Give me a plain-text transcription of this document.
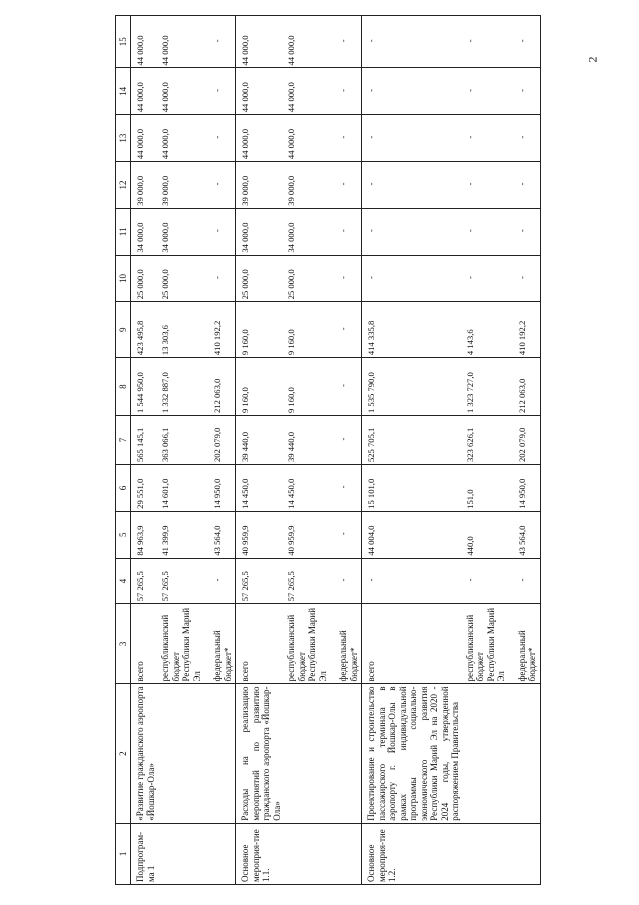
2
1	2	3	4	5	6	7	8	9	10	11	12	13	14	15
Подпрограм-ма 1	«Развитие гражданского аэропорта «Йошкар-Ола»	всего	57 265,5	84 963,9	29 551,0	565 145,1	1 544 950,0	423 495,8	25 000,0	34 000,0	39 000,0	44 000,0	44 000,0	44 000,0
		республиканский бюджет Республики Марий Эл	57 265,5	41 399,9	14 601,0	363 066,1	1 332 887,0	13 303,6	25 000,0	34 000,0	39 000,0	44 000,0	44 000,0	44 000,0
		федеральный бюджет*	-	43 564,0	14 950,0	202 079,0	212 063,0	410 192,2	-	-	-	-	-	-
Основное мероприя-тие 1.1.	Расходы на реализацию мероприятий по развитию гражданского аэропорта «Йошкар-Ола»	всего	57 265,5	40 959,9	14 450,0	39 440,0	9 160,0	9 160,0	25 000,0	34 000,0	39 000,0	44 000,0	44 000,0	44 000,0
		республиканский бюджет Республики Марий Эл	57 265,5	40 959,9	14 450,0	39 440,0	9 160,0	9 160,0	25 000,0	34 000,0	39 000,0	44 000,0	44 000,0	44 000,0
		федеральный бюджет*	-	-	-	-	-	-	-	-	-	-	-	-
Основное мероприя-тие 1.2.	Проектирование и строительство пассажирского терминала в аэропорту г. Йошкар-Олы в рамках индивидуальной программы социально-экономического развития Республики Марий Эл на 2020 - 2024 годы, утвержденной распоряжением Правительства	всего	-	44 004,0	15 101,0	525 705,1	1 535 790,0	414 335,8	-	-	-	-	-	-
		республиканский бюджет Республики Марий Эл	-	440,0	151,0	323 626,1	1 323 727,0	4 143,6	-	-	-	-	-	-
		федеральный бюджет*	-	43 564,0	14 950,0	202 079,0	212 063,0	410 192,2	-	-	-	-	-	-
